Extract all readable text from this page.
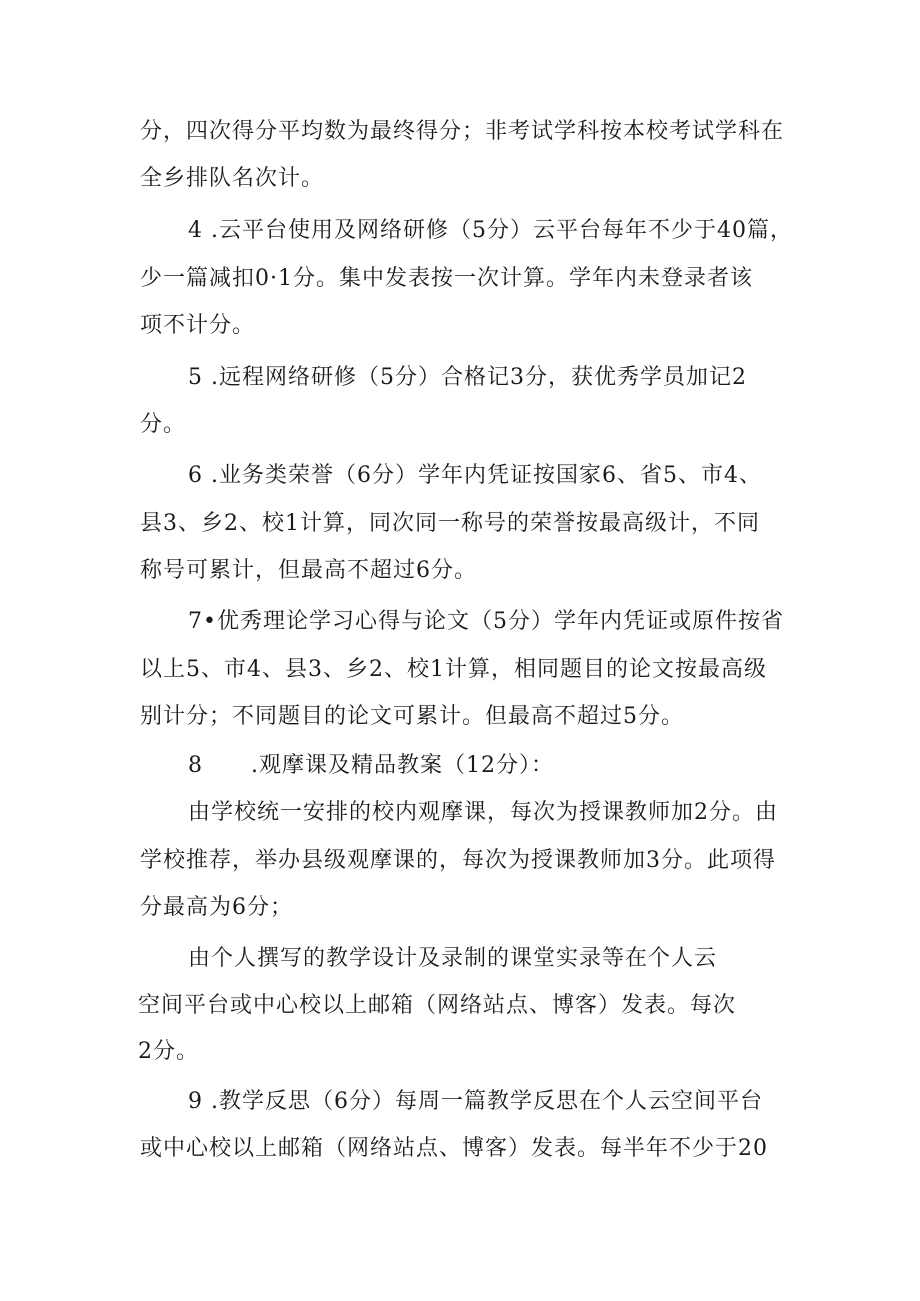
分，四次得分平均数为最终得分；非考试学科按本校考试学科在
全乡排队名次计。
4 .云平台使用及网络研修（5分）云平台每年不少于40篇，
少一篇减扣0·1分。集中发表按一次计算。学年内未登录者该
项不计分。
5 .远程网络研修（5分）合格记3分，获优秀学员加记2
分。
6 .业务类荣誉（6分）学年内凭证按国家6、省5、市4、
县3、乡2、校1计算，同次同一称号的荣誉按最高级计，不同
称号可累计，但最高不超过6分。
7•优秀理论学习心得与论文（5分）学年内凭证或原件按省
以上5、市4、县3、乡2、校1计算，相同题目的论文按最高级
别计分；不同题目的论文可累计。但最高不超过5分。
8      .观摩课及精品教案（12分）：
由学校统一安排的校内观摩课，每次为授课教师加2分。由
学校推荐，举办县级观摩课的，每次为授课教师加3分。此项得
分最高为6分；
由个人撰写的教学设计及录制的课堂实录等在个人云
空间平台或中心校以上邮箱（网络站点、博客）发表。每次
2分。
9 .教学反思（6分）每周一篇教学反思在个人云空间平台
或中心校以上邮箱（网络站点、博客）发表。每半年不少于20
